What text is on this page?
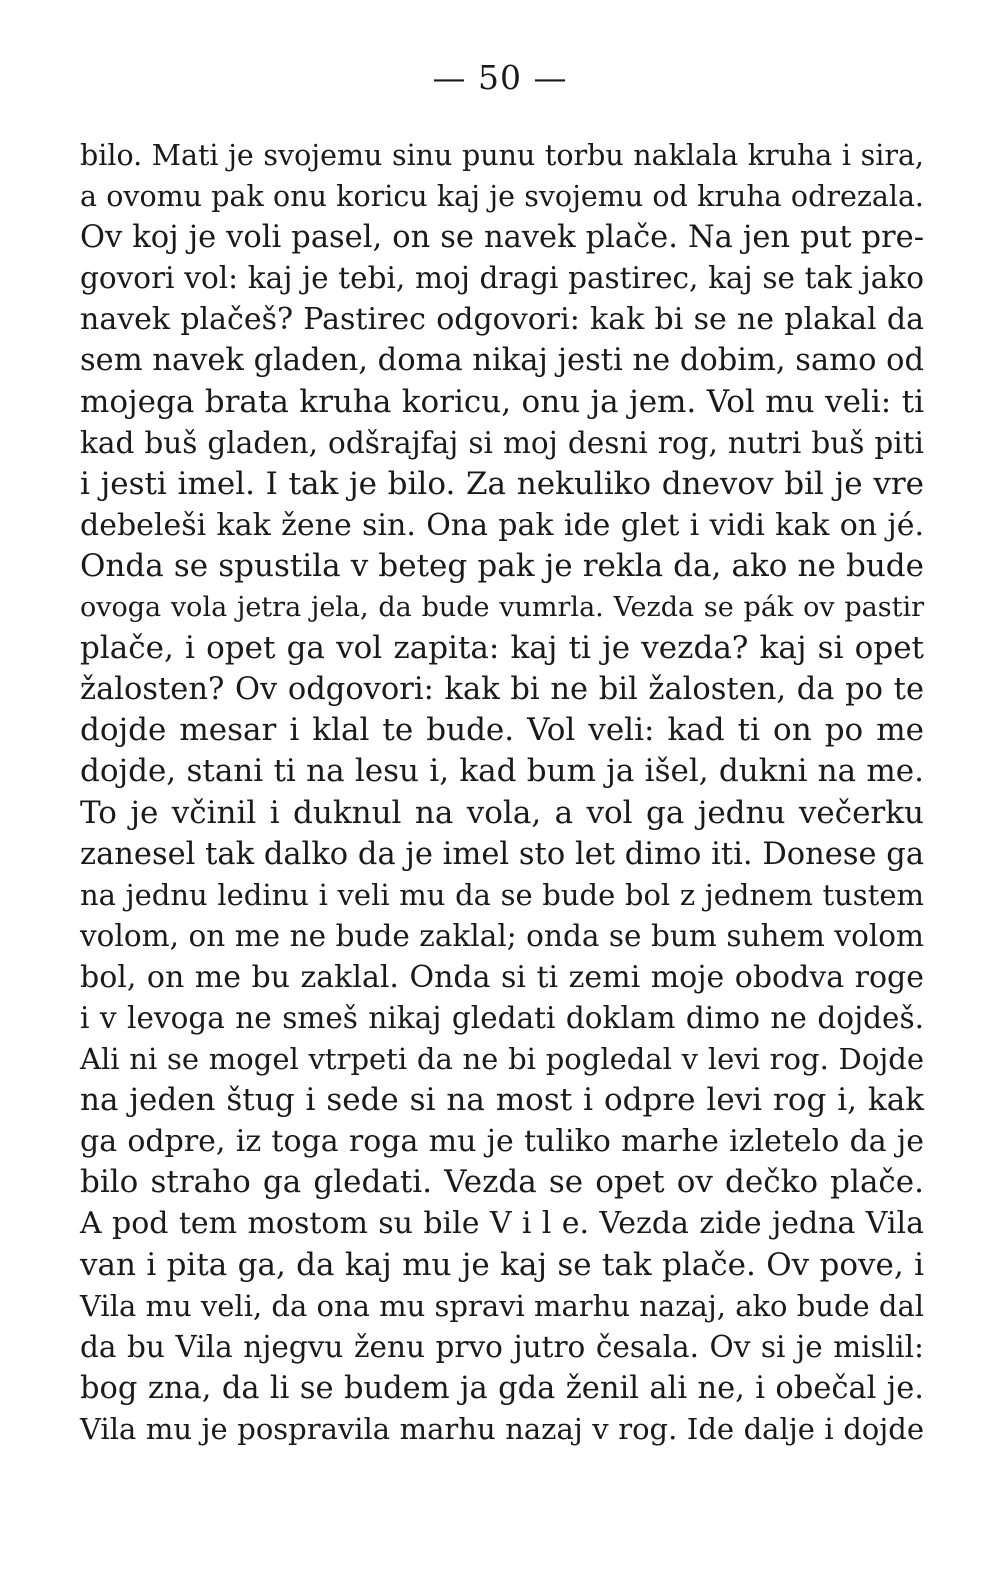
— 50 —
bilo. Mati je svojemu sinu punu torbu naklala kruha i sira,
a ovomu pak onu koricu kaj je svojemu od kruha odrezala.
Ov koj je voli pasel, on se navek plače. Na jen put pre-
govori vol: kaj je tebi, moj dragi pastirec, kaj se tak jako
navek plačeš? Pastirec odgovori: kak bi se ne plakal da
sem navek gladen, doma nikaj jesti ne dobim, samo od
mojega brata kruha koricu, onu ja jem. Vol mu veli: ti
kad buš gladen, odšrajfaj si moj desni rog, nutri buš piti
i jesti imel. I tak je bilo. Za nekuliko dnevov bil je vre
debeleši kak žene sin. Ona pak ide glet i vidi kak on jé.
Onda se spustila v beteg pak je rekla da, ako ne bude
ovoga vola jetra jela, da bude vumrla. Vezda se pák ov pastir
plače, i opet ga vol zapita: kaj ti je vezda? kaj si opet
žalosten? Ov odgovori: kak bi ne bil žalosten, da po te
dojde mesar i klal te bude. Vol veli: kad ti on po me
dojde, stani ti na lesu i, kad bum ja išel, dukni na me.
To je včinil i duknul na vola, a vol ga jednu večerku
zanesel tak dalko da je imel sto let dimo iti. Donese ga
na jednu ledinu i veli mu da se bude bol z jednem tustem
volom, on me ne bude zaklal; onda se bum suhem volom
bol, on me bu zaklal. Onda si ti zemi moje obodva roge
i v levoga ne smeš nikaj gledati doklam dimo ne dojdeš.
Ali ni se mogel vtrpeti da ne bi pogledal v levi rog. Dojde
na jeden štug i sede si na most i odpre levi rog i, kak
ga odpre, iz toga roga mu je tuliko marhe izletelo da je
bilo straho ga gledati. Vezda se opet ov dečko plače.
A pod tem mostom su bile V i l e. Vezda zide jedna Vila
van i pita ga, da kaj mu je kaj se tak plače. Ov pove, i
Vila mu veli, da ona mu spravi marhu nazaj, ako bude dal
da bu Vila njegvu ženu prvo jutro česala. Ov si je mislil:
bog zna, da li se budem ja gda ženil ali ne, i obečal je.
Vila mu je pospravila marhu nazaj v rog. Ide dalje i dojde
